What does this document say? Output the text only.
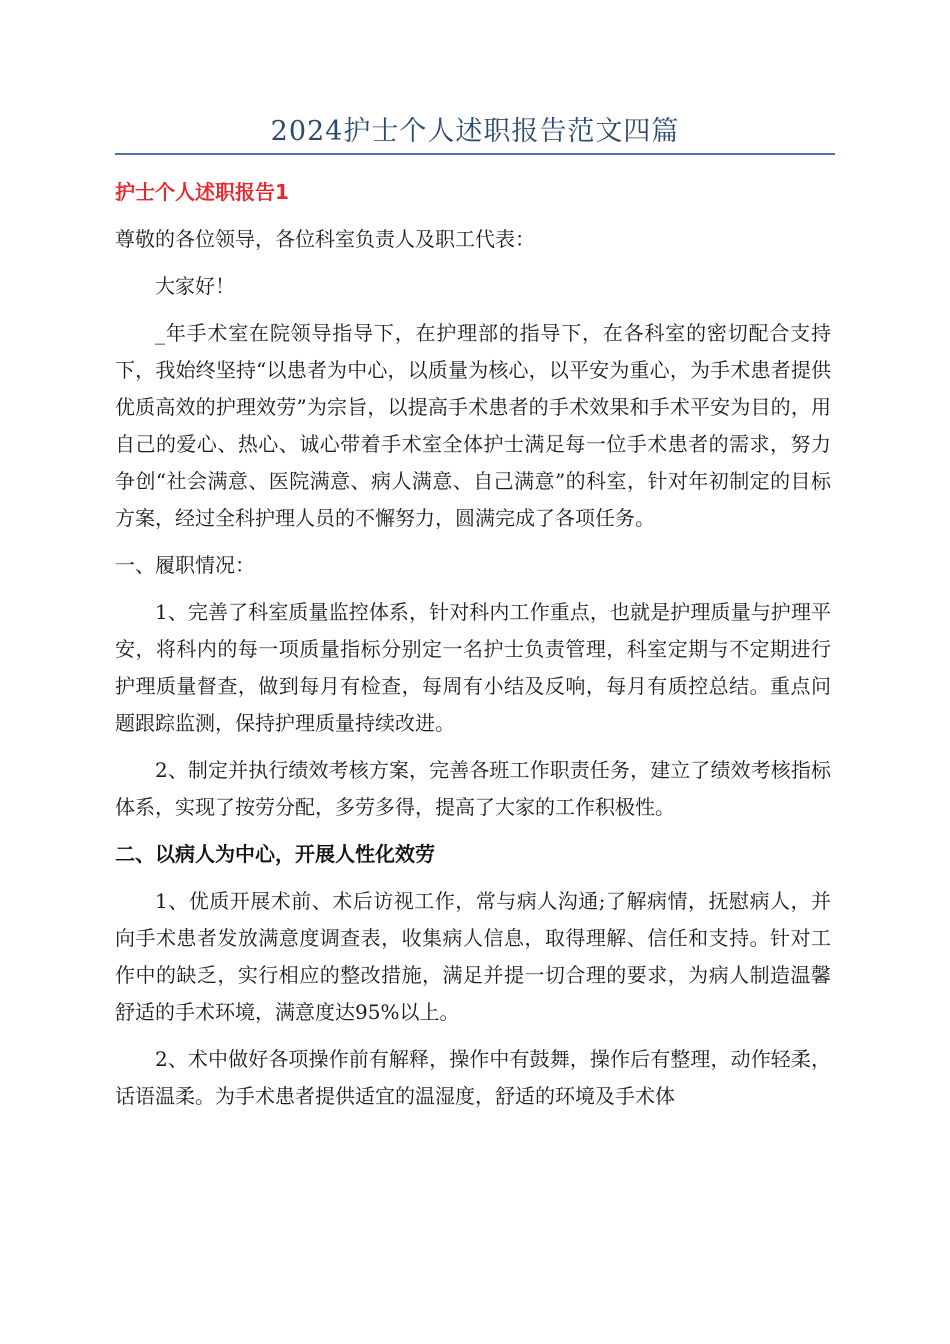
2024护士个人述职报告范文四篇

护士个人述职报告1

尊敬的各位领导，各位科室负责人及职工代表：

大家好！

_年手术室在院领导指导下，在护理部的指导下，在各科室的密切配合支持下，我始终坚持“以患者为中心，以质量为核心，以平安为重心，为手术患者提供优质高效的护理效劳”为宗旨，以提高手术患者的手术效果和手术平安为目的，用自己的爱心、热心、诚心带着手术室全体护士满足每一位手术患者的需求，努力争创“社会满意、医院满意、病人满意、自己满意”的科室，针对年初制定的目标方案，经过全科护理人员的不懈努力，圆满完成了各项任务。

一、履职情况：

1、完善了科室质量监控体系，针对科内工作重点，也就是护理质量与护理平安，将科内的每一项质量指标分别定一名护士负责管理，科室定期与不定期进行护理质量督查，做到每月有检查，每周有小结及反响，每月有质控总结。重点问题跟踪监测，保持护理质量持续改进。

2、制定并执行绩效考核方案，完善各班工作职责任务，建立了绩效考核指标体系，实现了按劳分配，多劳多得，提高了大家的工作积极性。

二、以病人为中心，开展人性化效劳

1、优质开展术前、术后访视工作，常与病人沟通;了解病情，抚慰病人，并向手术患者发放满意度调查表，收集病人信息，取得理解、信任和支持。针对工作中的缺乏，实行相应的整改措施，满足并提一切合理的要求，为病人制造温馨舒适的手术环境，满意度达95%以上。

2、术中做好各项操作前有解释，操作中有鼓舞，操作后有整理，动作轻柔，话语温柔。为手术患者提供适宜的温湿度，舒适的环境及手术体
